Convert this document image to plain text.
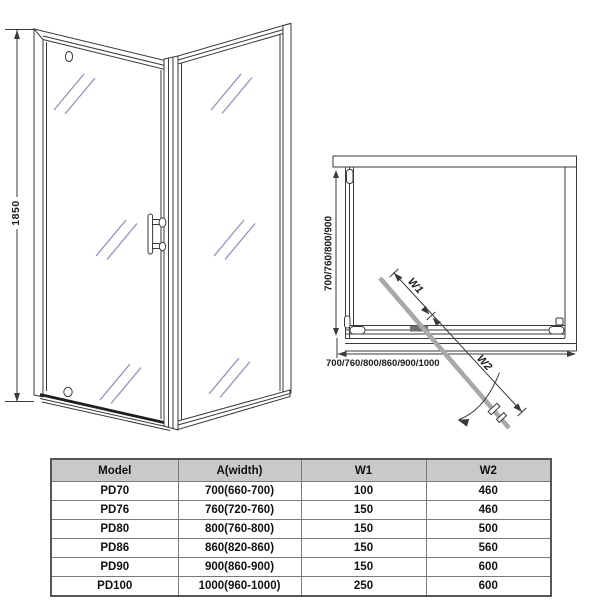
1850
700/760/800/900
700/760/800/860/900/1000
W1
W2
Model	A(width)	W1	W2
PD70	700(660-700)	100	460
PD76	760(720-760)	150	460
PD80	800(760-800)	150	500
PD86	860(820-860)	150	560
PD90	900(860-900)	150	600
PD100	1000(960-1000)	250	600
